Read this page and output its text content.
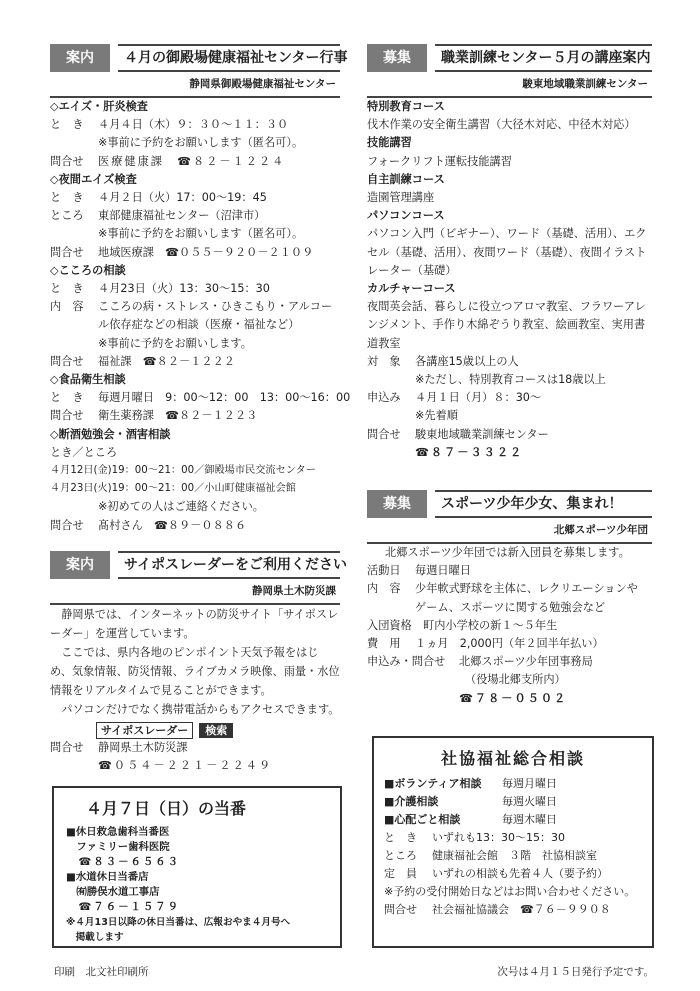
案内	４月の御殿場健康福祉センター行事
静岡県御殿場健康福祉センター
◇エイズ・肝炎検査
と　き	４月４日（木）９：３０～１１：３０
※事前に予約をお願いします（匿名可）。
問合せ	医療健康課　☎８２－１２２４
◇夜間エイズ検査
と　き	４月２日（火）17：00～19：45
ところ	東部健康福祉センター（沼津市）
※事前に予約をお願いします（匿名可）。
問合せ	地域医療課　☎０５５－９２０－２１０９
◇こころの相談
と　き	４月23日（火）13：30～15：30
内　容	こころの病・ストレス・ひきこもり・アルコール依存症などの相談（医療・福祉など）
※事前に予約をお願いします。
問合せ	福祉課　☎８２－１２２２
◇食品衛生相談
と　き	毎週月曜日　9：00～12：00　13：00～16：00
問合せ	衛生薬務課　☎８２－１２２３
◇断酒勉強会・酒害相談
とき／ところ
４月12日(金)19：00～21：00／御殿場市民交流センター
４月23日(火)19：00～21：00／小山町健康福祉会館
※初めての人はご連絡ください。
問合せ	髙村さん　☎８９－０８８６
案内	サイポスレーダーをご利用ください
静岡県土木防災課
静岡県では、インターネットの防災サイト「サイポスレーダー」を運営しています。
ここでは、県内各地のピンポイント天気予報をはじめ、気象情報、防災情報、ライブカメラ映像、雨量・水位情報をリアルタイムで見ることができます。
パソコンだけでなく携帯電話からもアクセスできます。
サイポスレーダー	検索
問合せ	静岡県土木防災課
☎０５４－２２１－２２４９
４月７日（日）の当番
■休日救急歯科当番医
　ファミリー歯科医院
　☎８３－６５６３
■水道休日当番店
　㈲勝俣水道工事店
　☎７６－１５７９
※４月13日以降の休日当番は、広報おやま４月号へ
　掲載します
募集	職業訓練センター５月の講座案内
駿東地域職業訓練センター
特別教育コース
伐木作業の安全衛生講習（大径木対応、中径木対応）
技能講習
フォークリフト運転技能講習
自主訓練コース
造園管理講座
パソコンコース
パソコン入門（ビギナー）、ワード（基礎、活用）、エクセル（基礎、活用）、夜間ワード（基礎）、夜間イラストレーター（基礎）
カルチャーコース
夜間英会話、暮らしに役立つアロマ教室、フラワーアレンジメント、手作り木綿ぞうり教室、絵画教室、実用書道教室
対　象	各講座15歳以上の人
※ただし、特別教育コースは18歳以上
申込み	４月１日（月）８：30～
※先着順
問合せ	駿東地域職業訓練センター
☎８７－３３２２
募集	スポーツ少年少女、集まれ！
北郷スポーツ少年団
北郷スポーツ少年団では新入団員を募集します。
活動日	毎週日曜日
内　容	少年軟式野球を主体に、レクリエーションや
ゲーム、スポーツに関する勉強会など
入団資格	町内小学校の新１～５年生
費　用	１ヵ月　2,000円（年２回半年払い）
申込み・問合せ	北郷スポーツ少年団事務局
（役場北郷支所内）
☎７８－０５０２
社協福祉総合相談
■ボランティア相談	毎週月曜日
■介護相談	毎週火曜日
■心配ごと相談	毎週木曜日
と　き	いずれも13：30～15：30
ところ	健康福祉会館　３階　社協相談室
定　員	いずれの相談も先着４人（要予約）
※予約の受付開始日などはお問い合わせください。
問合せ	社会福祉協議会　☎７６－９９０８
印刷　北文社印刷所	次号は４月１５日発行予定です。
